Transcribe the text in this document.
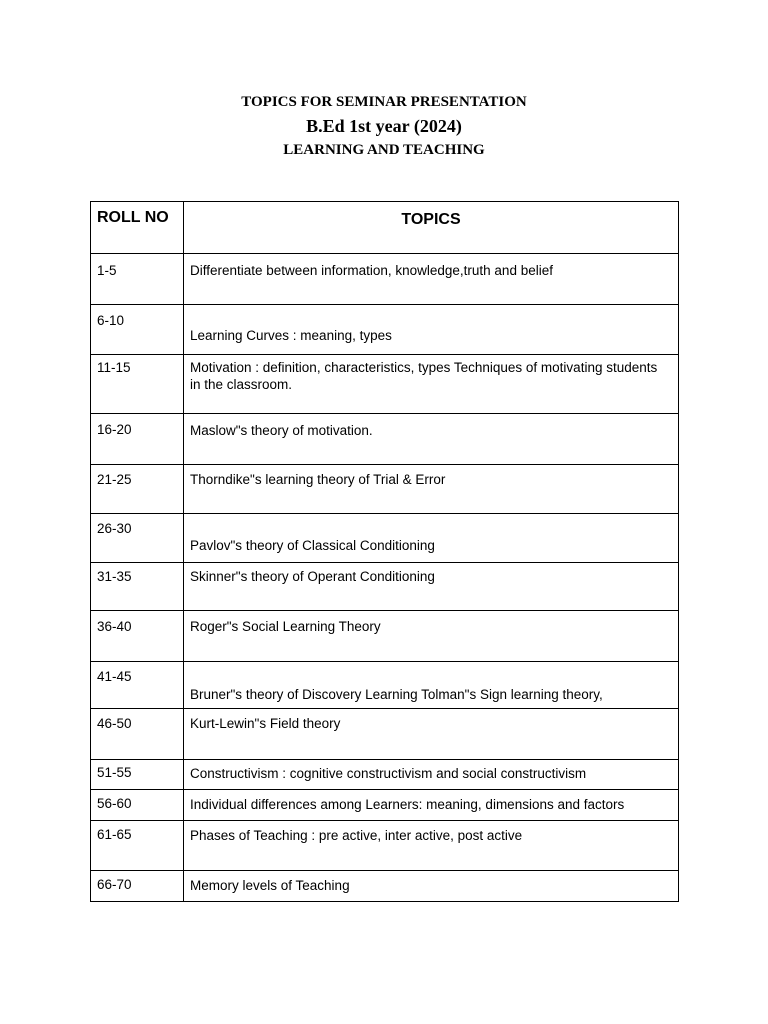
TOPICS FOR SEMINAR PRESENTATION
B.Ed 1st year (2024)
LEARNING AND TEACHING
ROLL NO	TOPICS

1-5	Differentiate between information, knowledge,truth and belief

6-10	Learning Curves : meaning, types

11-15	Motivation : definition, characteristics, types Techniques of motivating students in the classroom.

16-20	Maslow"s theory of motivation.

21-25	Thorndike"s learning theory of Trial & Error

26-30	Pavlov"s theory of Classical Conditioning

31-35	Skinner"s theory of Operant Conditioning

36-40	Roger"s Social Learning Theory

41-45	Bruner"s theory of Discovery Learning Tolman"s Sign learning theory,

46-50	Kurt-Lewin"s Field theory

51-55	Constructivism : cognitive constructivism and social constructivism

56-60	Individual differences among Learners: meaning, dimensions and factors

61-65	Phases of Teaching : pre active, inter active, post active

66-70	Memory levels of Teaching
